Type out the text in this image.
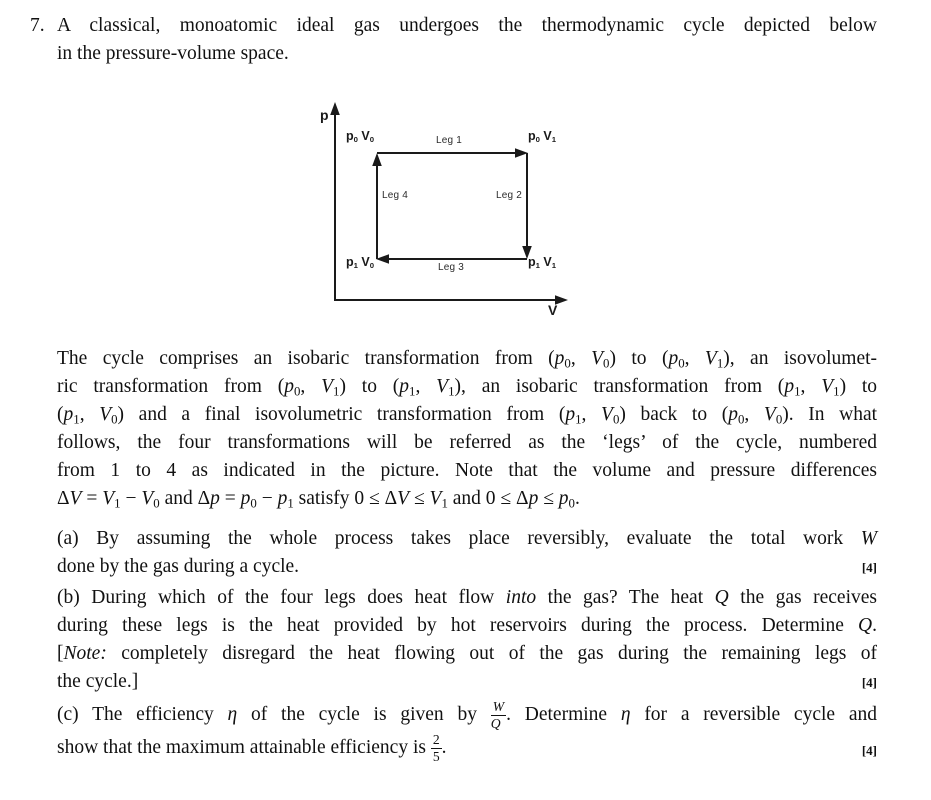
7. A classical, monoatomic ideal gas undergoes the thermodynamic cycle depicted below
in the pressure-volume space.
p
V
$p_0$ $V_0$	$p_0$ $V_1$
$p_1$ $V_0$	$p_1$ $V_1$
Leg 1
Leg 2
Leg 3
Leg 4
The cycle comprises an isobaric transformation from ($p_0$, $V_0$) to ($p_0$, $V_1$), an isovolumet-
ric transformation from ($p_0$, $V_1$) to ($p_1$, $V_1$), an isobaric transformation from ($p_1$, $V_1$) to
($p_1$, $V_0$) and a final isovolumetric transformation from ($p_1$, $V_0$) back to ($p_0$, $V_0$). In what
follows, the four transformations will be referred as the ‘legs’ of the cycle, numbered
from 1 to 4 as indicated in the picture. Note that the volume and pressure differences
$\Delta V = V_1 - V_0$ and $\Delta p = p_0 - p_1$ satisfy $0 \le \Delta V \le V_1$ and $0 \le \Delta p \le p_0$.
(a) By assuming the whole process takes place reversibly, evaluate the total work W
done by the gas during a cycle.	[4]
(b) During which of the four legs does heat flow into the gas? The heat Q the gas receives
during these legs is the heat provided by hot reservoirs during the process. Determine Q.
[Note: completely disregard the heat flowing out of the gas during the remaining legs of
the cycle.]	[4]
(c) The efficiency η of the cycle is given by $\frac{W}{Q}$ . Determine η for a reversible cycle and
show that the maximum attainable efficiency is $\frac{2}{5}$ .	[4]
